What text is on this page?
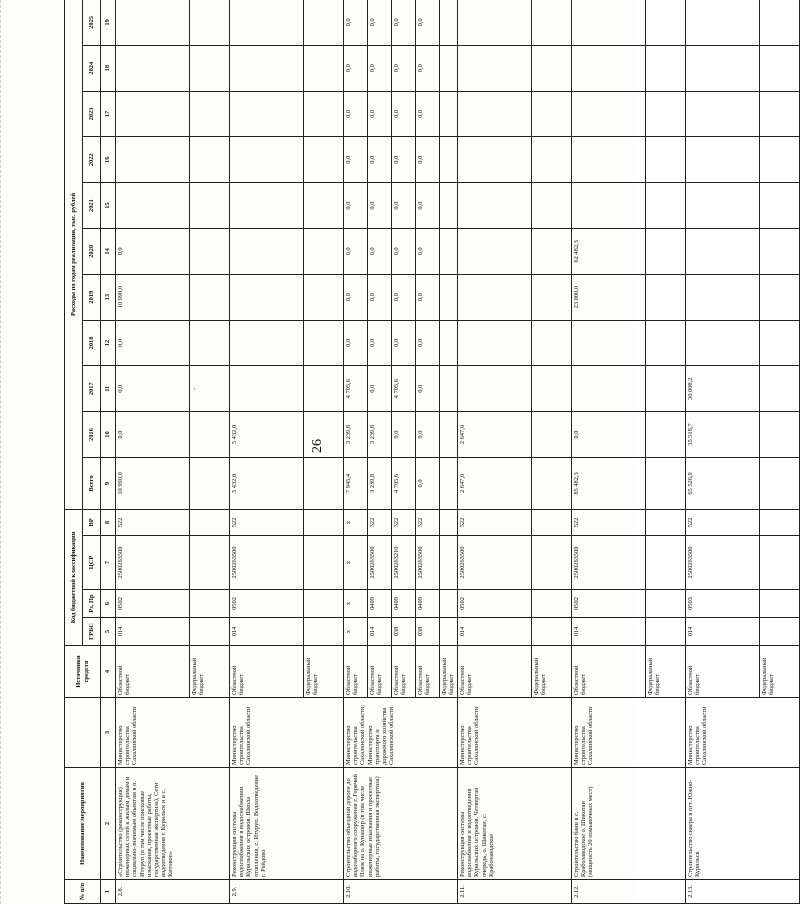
26
№ п/п	Наименование мероприятия		Источники средств	Код бюджетной классификации				Расходы по годам реализации, тыс. рублей										
				ГРБС	Рз, Пр	ЦСР	ВР	Всего	2016	2017	2018	2019	2020	2021	2022	2023	2024	2025
1	2	3	4	5	6	7	8	9	10	11	12	13	14	15	16	17	18	19
2.8.	«Строительство (реконструкция) инженерных сетей к жилым домам и социально-значимым объектам в п. Итуруп (в том числе поисковые изыскания, проектные работы, государственная экспертиза), Сети водоотведения г. Курильск и в с. Китовое»	Министерство строительства Сахалинской области	Областной бюджет	014	0502	2500263500	522	10 990,0	0,0	0,0	0,0	10 990,0	0,0					
			Федеральный бюджет							-								
2.9.	Реконструкция системы водоснабжения в водоснабжении Курильских островов. Школа отопления, с. Итуруп. Водоотведение г. Рейдово	Министерство строительства Сахалинской области	Областной бюджет	014	0502	2500263500	522	5 432,0	5 432,0									
			Федеральный бюджет															
2.10.	Строительство объездной дороги до водозаборного сооружения г. Горячий Пляж на о. Кунашир (в том числе инженерные изыскания и проектные работы, государственная экспертиза)	Министерство строительства Сахалинской области; Министерство транспорта и дорожного хозяйства Сахалинской области	Областной бюджет	x	x	x	x	7 945,4	3 239,8	4 705,6	0,0	0,0	0,0	0,0	0,0	0,0	0,0	0,0
			Областной бюджет	014	0409	2500263500	522	3 239,8	3 239,8	0,0	0,0	0,0	0,0	0,0	0,0	0,0	0,0	0,0
			Областной бюджет	038	0409	2500263210	522	4 705,6	0,0	4 705,6	0,0	0,0	0,0	0,0	0,0	0,0	0,0	0,0
			Областной бюджет	038	0409	2500263500	522	0,0	0,0	0,0	0,0	0,0	0,0	0,0	0,0	0,0	0,0	0,0
			Федеральный бюджет															
2.11.	Реконструкция системы водоснабжения и водоотведения Курильских островов. Четвертая очередь, о. Шикотан, с. Крабозаводское	Министерство строительства Сахалинской области	Областной бюджет	014	0502	2500263500	522	2 647,0	2 647,0									
			Федеральный бюджет															
2.12.	Строительство бани в с. Крабозаводское о. Шикотан (мощность 20 помывочных мест)	Министерство строительства Сахалинской области	Областной бюджет	014	0502	2500263500	522	85 482,3	0,0			23 000,0	62 482,3					
			Федеральный бюджет															
2.13.	Строительство сквера в пгт. Южно-Курильск	Министерство строительства Сахалинской области	Областной бюджет	014	0503	2500263500	522	65 526,9	35 518,7	30 008,2								
			Федеральный бюджет															
